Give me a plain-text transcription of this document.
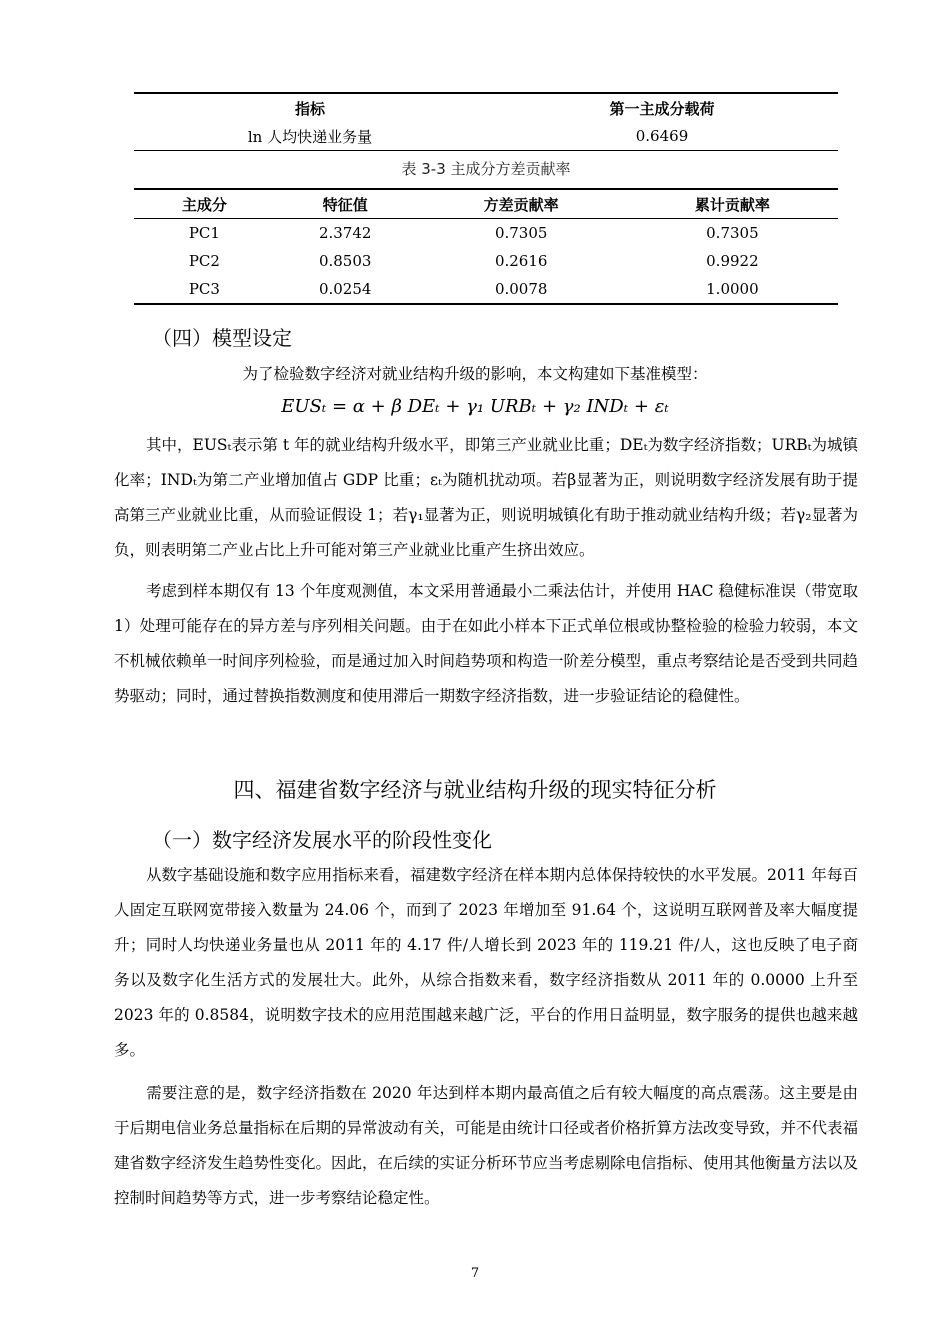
指标	第一主成分载荷
ln 人均快递业务量	0.6469
表 3-3 主成分方差贡献率
主成分	特征值	方差贡献率	累计贡献率
PC1	2.3742	0.7305	0.7305
PC2	0.8503	0.2616	0.9922
PC3	0.0254	0.0078	1.0000
（四）模型设定
为了检验数字经济对就业结构升级的影响，本文构建如下基准模型：
EUSₜ = α + β DEₜ + γ₁ URBₜ + γ₂ INDₜ + εₜ

其中，EUSₜ表示第 t 年的就业结构升级水平，即第三产业就业比重；DEₜ为数字经济指数；URBₜ为城镇化率；INDₜ为第二产业增加值占 GDP 比重；εₜ为随机扰动项。若β显著为正，则说明数字经济发展有助于提高第三产业就业比重，从而验证假设 1；若γ₁显著为正，则说明城镇化有助于推动就业结构升级；若γ₂显著为负，则表明第二产业占比上升可能对第三产业就业比重产生挤出效应。

考虑到样本期仅有 13 个年度观测值，本文采用普通最小二乘法估计，并使用 HAC 稳健标准误（带宽取 1）处理可能存在的异方差与序列相关问题。由于在如此小样本下正式单位根或协整检验的检验力较弱，本文不机械依赖单一时间序列检验，而是通过加入时间趋势项和构造一阶差分模型，重点考察结论是否受到共同趋势驱动；同时，通过替换指数测度和使用滞后一期数字经济指数，进一步验证结论的稳健性。

四、福建省数字经济与就业结构升级的现实特征分析
（一）数字经济发展水平的阶段性变化

从数字基础设施和数字应用指标来看，福建数字经济在样本期内总体保持较快的水平发展。2011 年每百人固定互联网宽带接入数量为 24.06 个，而到了 2023 年增加至 91.64 个，这说明互联网普及率大幅度提升；同时人均快递业务量也从 2011 年的 4.17 件/人增长到 2023 年的 119.21 件/人，这也反映了电子商务以及数字化生活方式的发展壮大。此外，从综合指数来看，数字经济指数从 2011 年的 0.0000 上升至 2023 年的 0.8584，说明数字技术的应用范围越来越广泛，平台的作用日益明显，数字服务的提供也越来越多。

需要注意的是，数字经济指数在 2020 年达到样本期内最高值之后有较大幅度的高点震荡。这主要是由于后期电信业务总量指标在后期的异常波动有关，可能是由统计口径或者价格折算方法改变导致，并不代表福建省数字经济发生趋势性变化。因此，在后续的实证分析环节应当考虑剔除电信指标、使用其他衡量方法以及控制时间趋势等方式，进一步考察结论稳定性。

7
